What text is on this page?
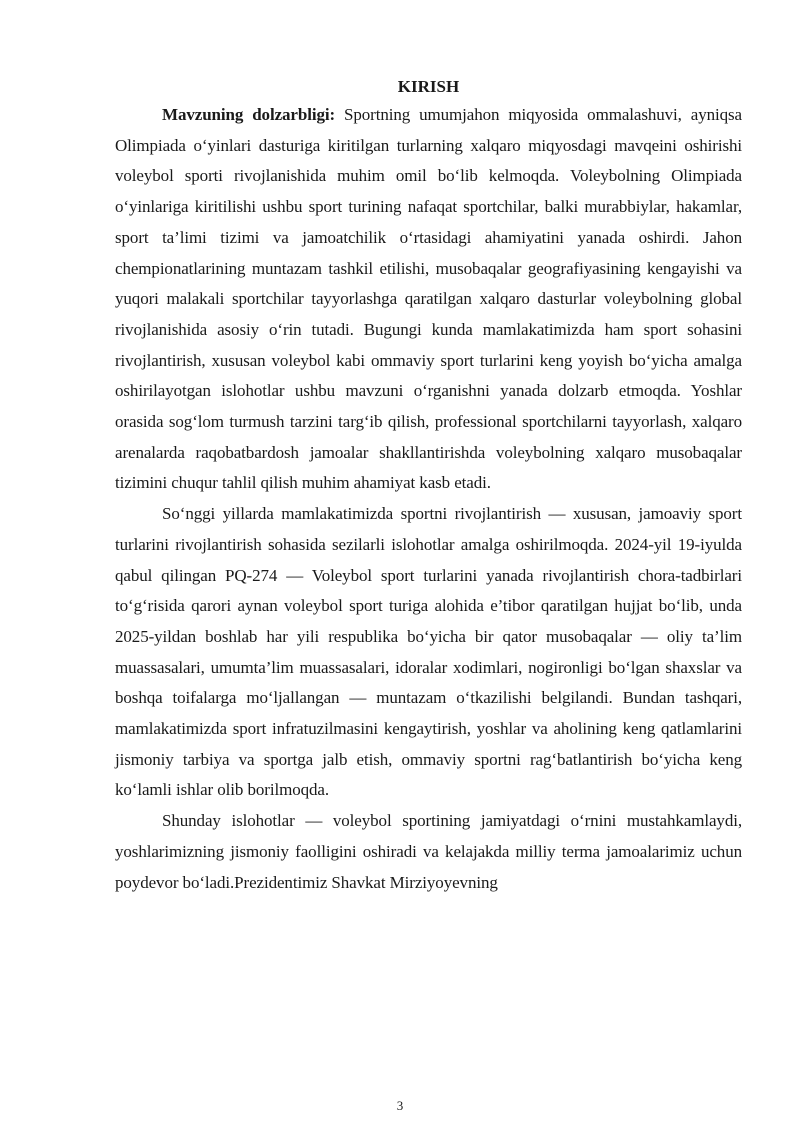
KIRISH

Mavzuning dolzarbligi: Sportning umumjahon miqyosida ommalashuvi, ayniqsa Olimpiada o‘yinlari dasturiga kiritilgan turlarning xalqaro miqyosdagi mavqeini oshirishi voleybol sporti rivojlanishida muhim omil bo‘lib kelmoqda. Voleybolning Olimpiada o‘yinlariga kiritilishi ushbu sport turining nafaqat sportchilar, balki murabbiylar, hakamlar, sport ta’limi tizimi va jamoatchilik o‘rtasidagi ahamiyatini yanada oshirdi. Jahon chempionatlarining muntazam tashkil etilishi, musobaqalar geografiyasining kengayishi va yuqori malakali sportchilar tayyorlashga qaratilgan xalqaro dasturlar voleybolning global rivojlanishida asosiy o‘rin tutadi. Bugungi kunda mamlakatimizda ham sport sohasini rivojlantirish, xususan voleybol kabi ommaviy sport turlarini keng yoyish bo‘yicha amalga oshirilayotgan islohotlar ushbu mavzuni o‘rganishni yanada dolzarb etmoqda. Yoshlar orasida sog‘lom turmush tarzini targ‘ib qilish, professional sportchilarni tayyorlash, xalqaro arenalarda raqobatbardosh jamoalar shakllantirishda voleybolning xalqaro musobaqalar tizimini chuqur tahlil qilish muhim ahamiyat kasb etadi.

So‘nggi yillarda mamlakatimizda sportni rivojlantirish — xususan, jamoaviy sport turlarini rivojlantirish sohasida sezilarli islohotlar amalga oshirilmoqda. 2024-yil 19-iyulda qabul qilingan PQ-274 — Voleybol sport turlarini yanada rivojlantirish chora-tadbirlari to‘g‘risida qarori aynan voleybol sport turiga alohida e’tibor qaratilgan hujjat bo‘lib, unda 2025-yildan boshlab har yili respublika bo‘yicha bir qator musobaqalar — oliy ta’lim muassasalari, umumta’lim muassasalari, idoralar xodimlari, nogironligi bo‘lgan shaxslar va boshqa toifalarga mo‘ljallangan — muntazam o‘tkazilishi belgilandi. Bundan tashqari, mamlakatimizda sport infratuzilmasini kengaytirish, yoshlar va aholining keng qatlamlarini jismoniy tarbiya va sportga jalb etish, ommaviy sportni rag‘batlantirish bo‘yicha keng ko‘lamli ishlar olib borilmoqda.

Shunday islohotlar — voleybol sportining jamiyatdagi o‘rnini mustahkamlaydi, yoshlarimizning jismoniy faolligini oshiradi va kelajakda milliy terma jamoalarimiz uchun poydevor bo‘ladi.Prezidentimiz Shavkat Mirziyoyevning

3
